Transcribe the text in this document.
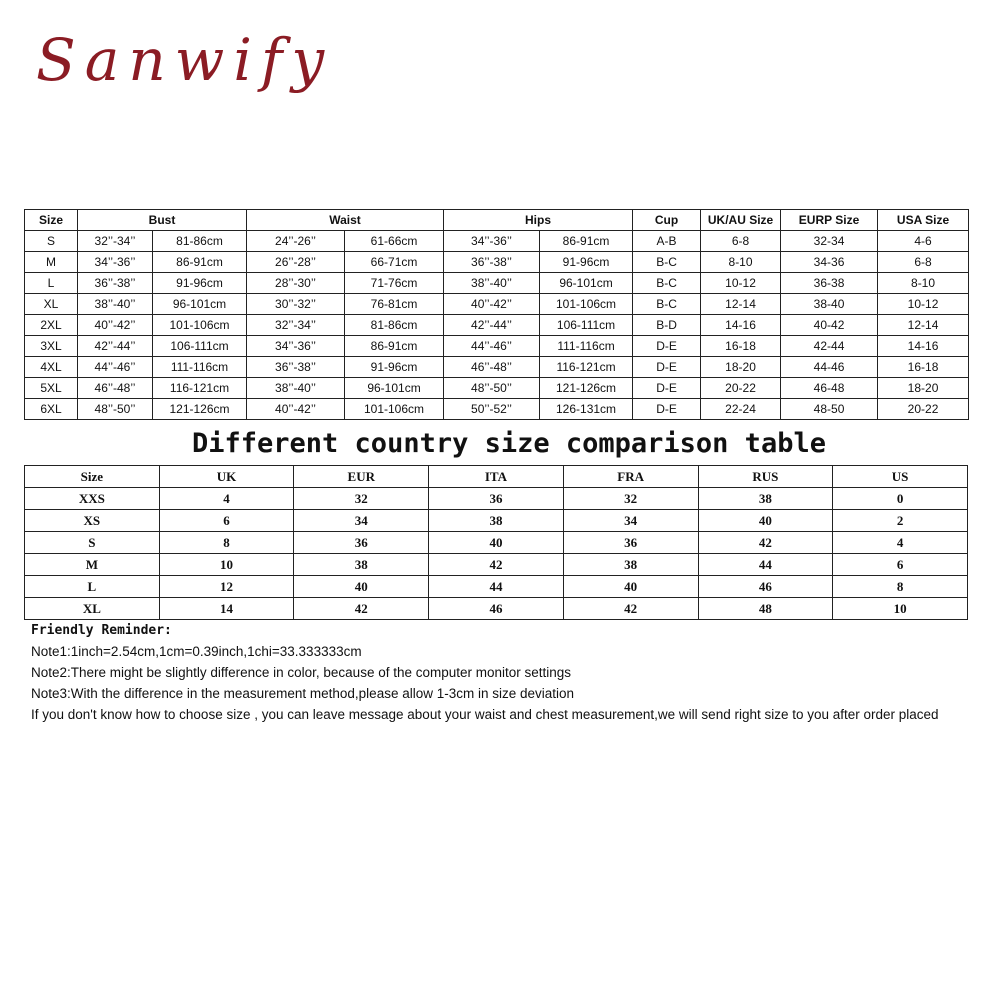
Sanwify
Size	Bust		Waist		Hips		Cup	UK/AU Size	EURP Size	USA Size
S	32’’-34’’	81-86cm	24’’-26’’	61-66cm	34’’-36’’	86-91cm	A-B	6-8	32-34	4-6
M	34’’-36’’	86-91cm	26’’-28’’	66-71cm	36’’-38’’	91-96cm	B-C	8-10	34-36	6-8
L	36’’-38’’	91-96cm	28’’-30’’	71-76cm	38’’-40’’	96-101cm	B-C	10-12	36-38	8-10
XL	38’’-40’’	96-101cm	30’’-32’’	76-81cm	40’’-42’’	101-106cm	B-C	12-14	38-40	10-12
2XL	40’’-42’’	101-106cm	32’’-34’’	81-86cm	42’’-44’’	106-111cm	B-D	14-16	40-42	12-14
3XL	42’’-44’’	106-111cm	34’’-36’’	86-91cm	44’’-46’’	111-116cm	D-E	16-18	42-44	14-16
4XL	44’’-46’’	111-116cm	36’’-38’’	91-96cm	46’’-48’’	116-121cm	D-E	18-20	44-46	16-18
5XL	46’’-48’’	116-121cm	38’’-40’’	96-101cm	48’’-50’’	121-126cm	D-E	20-22	46-48	18-20
6XL	48’’-50’’	121-126cm	40’’-42’’	101-106cm	50’’-52’’	126-131cm	D-E	22-24	48-50	20-22
Different country size comparison table
Size	UK	EUR	ITA	FRA	RUS	US
XXS	4	32	36	32	38	0
XS	6	34	38	34	40	2
S	8	36	40	36	42	4
M	10	38	42	38	44	6
L	12	40	44	40	46	8
XL	14	42	46	42	48	10
Friendly Reminder:
Note1:1inch=2.54cm,1cm=0.39inch,1chi=33.333333cm
Note2:There might be slightly difference in color, because of the computer monitor settings
Note3:With the difference in the measurement method,please allow 1-3cm in size deviation
If you don't know how to choose size , you can leave message about your waist and chest measurement,we will send right size to you after order placed
